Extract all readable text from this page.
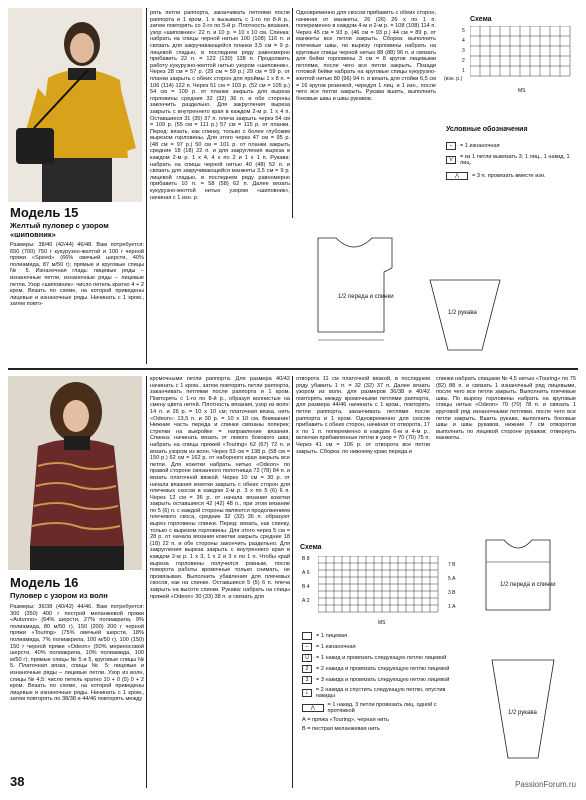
Модель 15
Желтый пуловер с узором «шиповник»

Размеры: 38/40 (42/44) 46/48. Вам потребуется: 650 (700) 750 г кукурузно-желтой и 100 г черной пряжи «Speed» (66% овечьей шерсти, 40% полиамида, 87 м/50 г); прямые и круговые спицы № 5. Изнаночная гладь: лицевые ряды – изнаночные петли, изнаночные ряды – лицевые петли. Узор «шиповник»: число петель кратно 4 + 2 кром. Вязать по схеме, на которой приведены лицевые и изнаночные ряды. Начинать с 1 кром., затем повто-

рять петли раппорта, заканчивать петлями после раппорта и 1 кром. 1 х вызывать с 1-го по 8-й р., затем повторять со 2-го по 5-й р. Плотность вязания, узор «шиповник»: 22 п. и 10 р. = 10 х 10 см. Спинка: набрать на спицы черной нитью 100 (108) 116 п. и связать для закручивающейся планки 3,5 см = 9 р. лицевой гладью, в последнем ряду равномерно прибавить 22 п. = 122 (130) 138 п. Продолжить работу кукурузно-желтой нитью узором «шиповник». Через 28 см = 57 р. (29 см = 59 р.) 29 см = 59 р. от планки закрыть с обеих сторон для проймы 1 х 8 п. = 106 (114) 122 п. Через 51 см = 103 р. (52 см = 105 р.) 54 см = 109 р. от планки закрыть для выреза горловины средние 32 (32) 36 п. и обе стороны закончить раздельно. Для закругления выреза закрыть с внутреннего края в каждом 2-м р. 1 х 4 п. Оставшиеся 31 (35) 37 п. плеча закрыть через 54 см = 109 р. (55 см = 111 р.) 57 см = 115 р. от планки. Перед: вязать, как спинку, только с более глубоким вырезом горловины. Для этого через 47 см = 95 р. (48 см = 97 р.) 50 см = 101 р. от планки закрыть средние 18 (18) 22 п. и для закругления выреза в каждом 2-м р. 1 х 4, 4 х по 2 и 1 х 1 п. Рукава: набрать на спицы черной нитью 40 (48) 52 п. и связать для закручивающейся манжеты 3,5 см = 9 р. лицевой гладью, в последнем ряду равномерно прибавить 10 п. = 58 (58) 62 п. Далее вязать кукурузно-желтой нитью узором «шиповник», начиная с 1 изн. р.

Одновременно для скосов прибавить с обеих сторон, начиная от манжеты, 26 (26) 26 х по 1 п. попеременно в каждом 4-м и 2-м р. = 108 (108) 114 п. Через 45 см = 93 р. (46 см = 93 р.) 44 см = 89 р. от манжеты все петли закрыть. Сборка: выполнить плечевые швы, по вырезу горловины набрать на круговые спицы черной нитью 88 (88) 96 п. и связать для бейки горловины 3 см = 8 кругов лицевыми петлями, после чего все петли закрыть. Позади готовой бейки набрать на круговые спицы кукурузно-желтой нитью 80 (96) 94 п. и вязать для стойки 6,5 см = 16 кругов резинкой, чередуя 1 лиц. и 1 изн., после чего все петли закрыть. Рукава вшить, выполнить боковые швы и швы рукавов.

Схема
(изн. р.)
MS
5
4
3
2
1
Условные обозначения
–	= 1 изнаночная
V	= из 1 петли вывязать 3: 1 лиц., 1 накид, 1 лиц.
⋀	= 3 п. провязать вместе изн.
1/2 переда и спинки
1/2 рукава
Модель 16
Пуловер с узором из волн

Размеры: 36/38 (40/42) 44/46. Вам потребуется: 300 (350) 400 г пестрой меланжевой пряжи «Autunno» (64% шерсти, 27% полиакрила, 9% полиамида, 80 м/50 г), 150 (200) 200 г черной пряжи «Touring» (75% овечьей шерсти, 18% полиамида, 7% полиакрила, 100 м/50 г), 100 (150) 150 г черной пряжи «Odeon» (50% мериносовой шерсти, 40% полиакрила, 10% полиамида, 100 м/50 г); прямые спицы № 5 и 5, круговые спицы № 5. Платочная вязка, спицы № 5: лицевые и изнаночные ряды – лицевые петли. Узор из волн, спицы № 4,5: число петель кратно 10 + 0 (5) 0 + 2 кром. Вязать по схеме, на которой приведены лицевые и изнаночные ряды. Начинать с 1 кром., затем повторять по 38/38 и 44/46 повторять между

кромочными петли раппорта. Для размера 40/42 начинать с 1 кром., затем повторять петли раппорта, заканчивать петлями после раппорта и 1 кром. Повторять с 1-го по 8-й р., образуя волнистые на смену цвета нитей. Плотность вязания, узор из волн: 14 п. и 26 р. = 10 х 10 см; платочная вязка, нить «Odeon»: 13,5 п. и 30 р. = 10 х 10 см. Внимание! Нижние часть переда и спинки связаны поперек; стрелки на выкройке = направление вязания. Спинка: начинать вязать от левого бокового шва; набрать на спицы пряжей «Touring» 62 (67) 72 п. и вязать узором из волн. Через 53 см = 138 р. (58 см = 150 р.) 62 см = 162 р. от наборного края закрыть все петли. Для кокетки набрать нитью «Odeon» по правой стороне связанного полотнища 72 (78) 84 п. и вязать платочной вязкой. Через 10 см = 30 р. от начала вязания кокетки закрыть с обеих сторон для плечевых скосов в каждом 2-м р. 3 х по 5 (6) 6 п. Через 12 см = 36 р. от начала вязания кокетки закрыть оставшиеся 42 (42) 48 п., при этом вязание по 5 (6) п. с каждой стороны являются продолжением плечевого скоса, средние 32 (32) 36 п. образуют вырез горловины спинки. Перед: вязать, как спинку, только с вырезом горловины. Для этого через 5 см = 28 р. от начала вязания кокетки закрыть средние 18 (18) 22 п. и обе стороны закончить раздельно. Для закругления выреза закрыть с внутреннего края в каждом 2-м р. 1 х 3, 1 х 2 и 3 х по 1 п. Чтобы край выреза горловины получился ровным, после поворота работы кромочные только снимать, не провязывая. Выполнить убавления для плечевых скосов, как на спинке. Оставшиеся 5 (5) 6 п. плеча закрыть на высоте спинки. Рукава: набрать на спицы пряжей «Odeon» 30 (33) 38 п. и связать для

отворота 11 см платочной вязкой, в последнем ряду убавить 1 п. = 32 (32) 37 п. Далее вязать узором из волн, для размеров 36/38 и 40/42 повторять между кромочными петлями раппорта, для размера 44/46 начинать с 1 кром., повторять петли раппорта, заканчивать петлями после раппорта и 1 кром. Одновременно для скосов прибавить с обеих сторон, начиная от отворота, 17 х по 1 п. попеременно в каждом 6-м и 4-м р., включая прибавленные петли в узор = 70 (70) 75 п. Через 41 см = 106 р. от отворота все петли закрыть. Сборка: по нижнему краю переда и

спинки набрать спицами № 4,5 нитью «Touring» по 75 (82) 88 п. и связать 1 изнаночный ряд лицевыми, после чего все петли закрыть. Выполнить плечевые швы. По вырезу горловины набрать на круговые спицы нитью «Odeon» 70 (70) 78 п. и связать 1 круговой ряд изнаночными петлями, после чего все петли закрыть. Вшить рукава, выполнить боковые швы и швы рукавов, нижние 7 см отворотов выполнить по лицевой стороне рукавов; отвернуть манжеты.

Схема
В 8
А 6
В 4
А 2
7 В
5 А
3 В
1 А
MS
= 1 лицевая
–	= 1 изнаночная
U	= 1 накид и провязать следующую петлю лицевой
2	= 2 накида и провязать следующую петлю лицевой
3	= 3 накида и провязать следующую петлю лицевой
⇣	= 2 накида и спустить следующую петлю, опустив накиды
⋀	= 1 накид, 3 петли провязать лиц. одной с протяжкой
А = пряжа «Touring», черная нить
В = пестрая меланжевая нить
1/2 переда и спинки
1/2 рукава
38	PassionForum.ru
